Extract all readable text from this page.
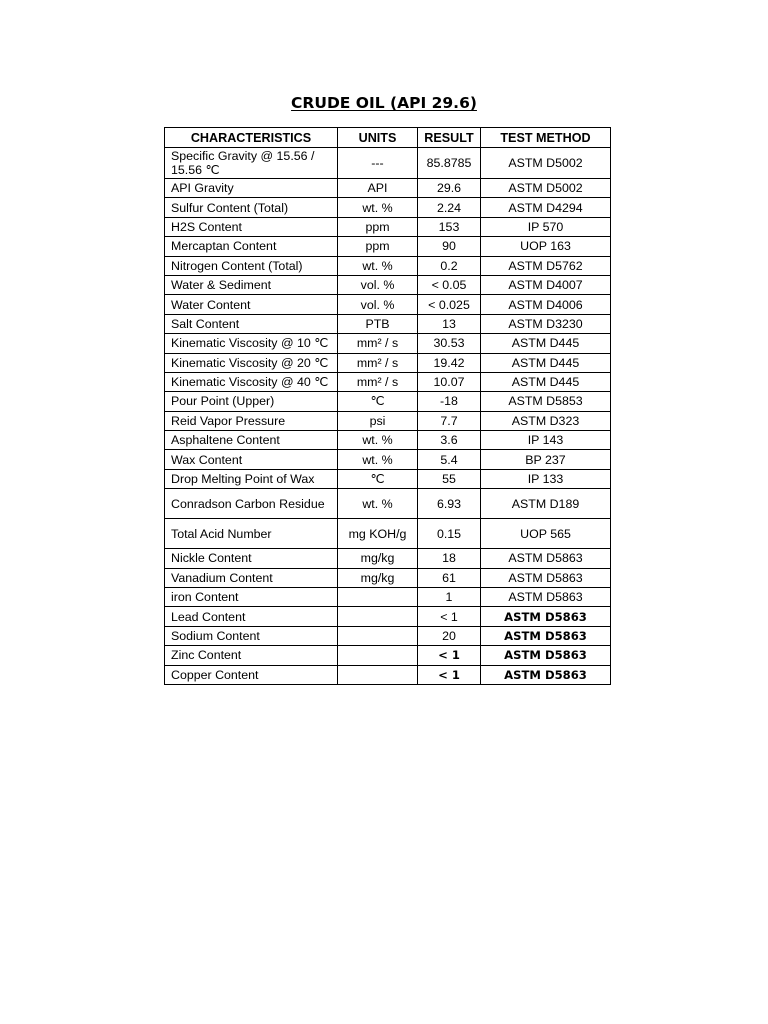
CRUDE OIL (API 29.6)
CHARACTERISTICS	UNITS	RESULT	TEST METHOD
Specific Gravity @ 15.56 / 15.56 ℃	---	85.8785	ASTM D5002
API Gravity	API	29.6	ASTM D5002
Sulfur Content (Total)	wt. %	2.24	ASTM D4294
H2S Content	ppm	153	IP 570
Mercaptan Content	ppm	90	UOP 163
Nitrogen Content (Total)	wt. %	0.2	ASTM D5762
Water & Sediment	vol. %	< 0.05	ASTM D4007
Water Content	vol. %	< 0.025	ASTM D4006
Salt Content	PTB	13	ASTM D3230
Kinematic Viscosity @ 10 ℃	mm² / s	30.53	ASTM D445
Kinematic Viscosity @ 20 ℃	mm² / s	19.42	ASTM D445
Kinematic Viscosity @ 40 ℃	mm² / s	10.07	ASTM D445
Pour Point (Upper)	℃	-18	ASTM D5853
Reid Vapor Pressure	psi	7.7	ASTM D323
Asphaltene Content	wt. %	3.6	IP 143
Wax Content	wt. %	5.4	BP 237
Drop Melting Point of Wax	℃	55	IP 133
Conradson Carbon Residue	wt. %	6.93	ASTM D189
Total Acid Number	mg KOH/g	0.15	UOP 565
Nickle Content	mg/kg	18	ASTM D5863
Vanadium Content	mg/kg	61	ASTM D5863
iron Content		1	ASTM D5863
Lead Content		< 1	ASTM D5863
Sodium Content		20	ASTM D5863
Zinc Content		< 1	ASTM D5863
Copper Content		< 1	ASTM D5863
